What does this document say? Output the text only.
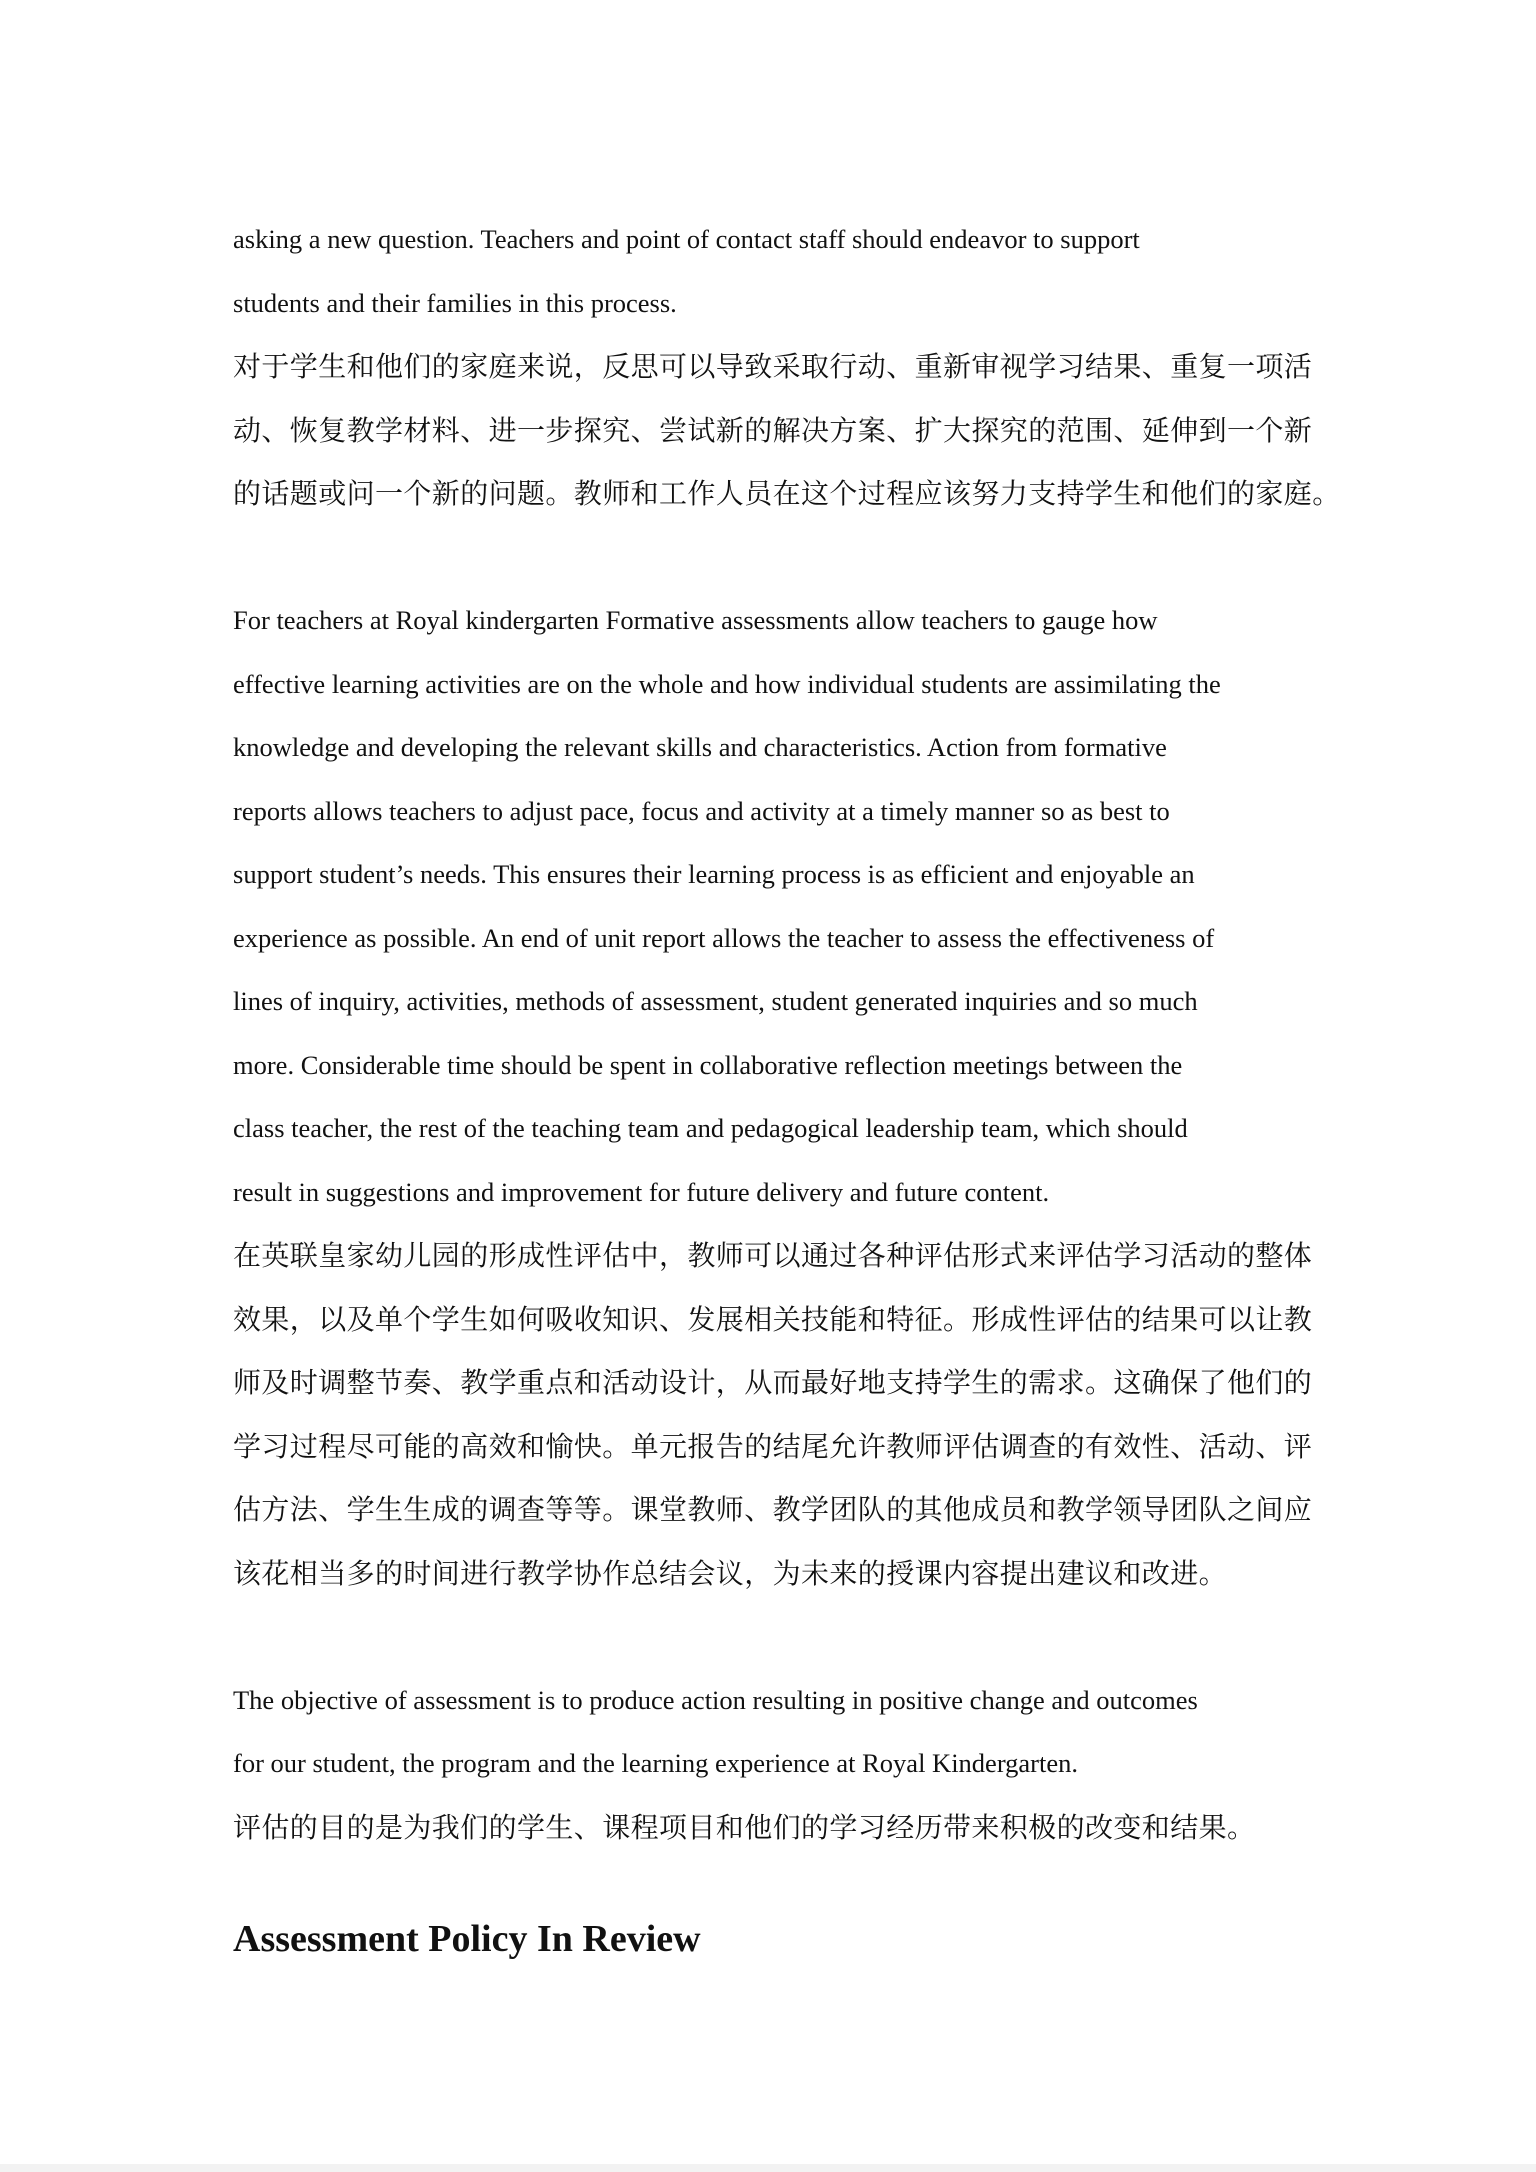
asking a new question. Teachers and point of contact staff should endeavor to support

students and their families in this process.

对于学生和他们的家庭来说，反思可以导致采取行动、重新审视学习结果、重复一项活

动、恢复教学材料、进一步探究、尝试新的解决方案、扩大探究的范围、延伸到一个新

的话题或问一个新的问题。教师和工作人员在这个过程应该努力支持学生和他们的家庭。

For teachers at Royal kindergarten Formative assessments allow teachers to gauge how

effective learning activities are on the whole and how individual students are assimilating the

knowledge and developing the relevant skills and characteristics. Action from formative

reports allows teachers to adjust pace, focus and activity at a timely manner so as best to

support student’s needs. This ensures their learning process is as efficient and enjoyable an

experience as possible. An end of unit report allows the teacher to assess the effectiveness of

lines of inquiry, activities, methods of assessment, student generated inquiries and so much

more. Considerable time should be spent in collaborative reflection meetings between the

class teacher, the rest of the teaching team and pedagogical leadership team, which should

result in suggestions and improvement for future delivery and future content.

在英联皇家幼儿园的形成性评估中，教师可以通过各种评估形式来评估学习活动的整体

效果，以及单个学生如何吸收知识、发展相关技能和特征。形成性评估的结果可以让教

师及时调整节奏、教学重点和活动设计，从而最好地支持学生的需求。这确保了他们的

学习过程尽可能的高效和愉快。单元报告的结尾允许教师评估调查的有效性、活动、评

估方法、学生生成的调查等等。课堂教师、教学团队的其他成员和教学领导团队之间应

该花相当多的时间进行教学协作总结会议，为未来的授课内容提出建议和改进。

The objective of assessment is to produce action resulting in positive change and outcomes

for our student, the program and the learning experience at Royal Kindergarten.

评估的目的是为我们的学生、课程项目和他们的学习经历带来积极的改变和结果。

Assessment Policy In Review
